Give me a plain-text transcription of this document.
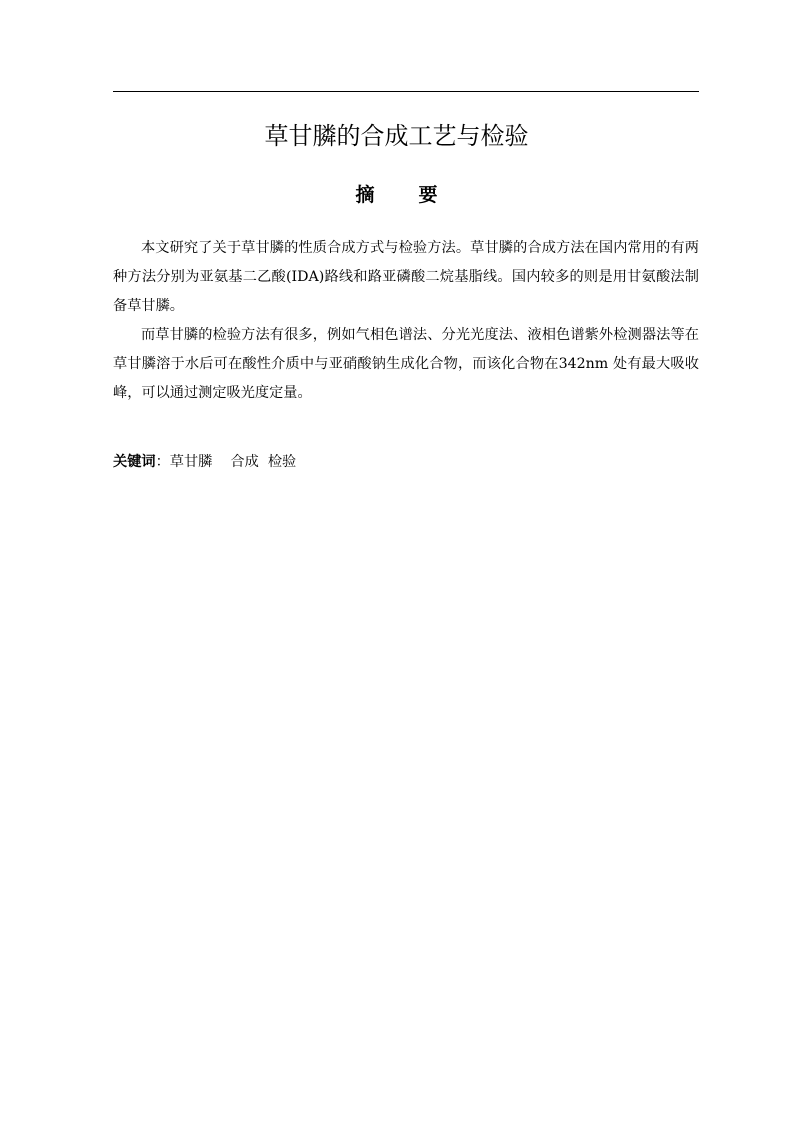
草甘膦的合成工艺与检验
摘 要

本文研究了关于草甘膦的性质合成方式与检验方法。草甘膦的合成方法在国内常用的有两种方法分别为亚氨基二乙酸(IDA)路线和路亚磷酸二烷基脂线。国内较多的则是用甘氨酸法制备草甘膦。

而草甘膦的检验方法有很多，例如气相色谱法、分光光度法、液相色谱紫外检测器法等在草甘膦溶于水后可在酸性介质中与亚硝酸钠生成化合物，而该化合物在342nm 处有最大吸收峰，可以通过测定吸光度定量。

关键词：草甘膦 合成 检验
